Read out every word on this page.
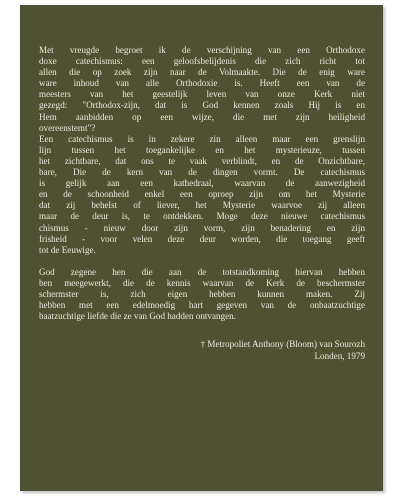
Met vreugde begroet ik de verschijning van een Orthodoxe
doxe catechismus: een geloofsbelijdenis die zich richt tot
allen die op zoek zijn naar de Volmaakte. Die de enig ware
ware inhoud van alle Orthodoxie is. Heeft een van de
meesters van het geestelijk leven van onze Kerk niet
gezegd: "Orthodox-zijn, dat is God kennen zoals Hij is en
Hem aanbidden op een wijze, die met zijn heiligheid
overeenstemt"?
Een catechismus is in zekere zin alleen maar een grenslijn
lijn tussen het toegankelijke en het mysterieuze, tussen
het zichtbare, dat ons te vaak verblindt, en de Onzichtbare,
bare, Die de kern van de dingen vormt. De catechismus
is gelijk aan een kathedraal, waarvan de aanwezigheid
en de schoonheid enkel een oproep zijn om het Mysterie
dat zij behelst of liever, het Mysterie waarvoe zij alleen
maar de deur is, te ontdekken. Moge deze nieuwe catechismus
chismus - nieuw door zijn vorm, zijn benadering en zijn
frisheid - voor velen deze deur worden, die toegang geeft
tot de Eeuwige.
God zegene hen die aan de totstandkoming hiervan hebben
ben meegewerkt, die de kennis waarvan de Kerk de beschermster
schermster is, zich eigen hebben kunnen maken. Zij
hebben met een edelmoedig hart gegeven van de onbaatzuchtige
baatzuchtige liefde die ze van God hadden ontvangen.
† Metropoliet Anthony (Bloom) van Sourozh
Londen, 1979
